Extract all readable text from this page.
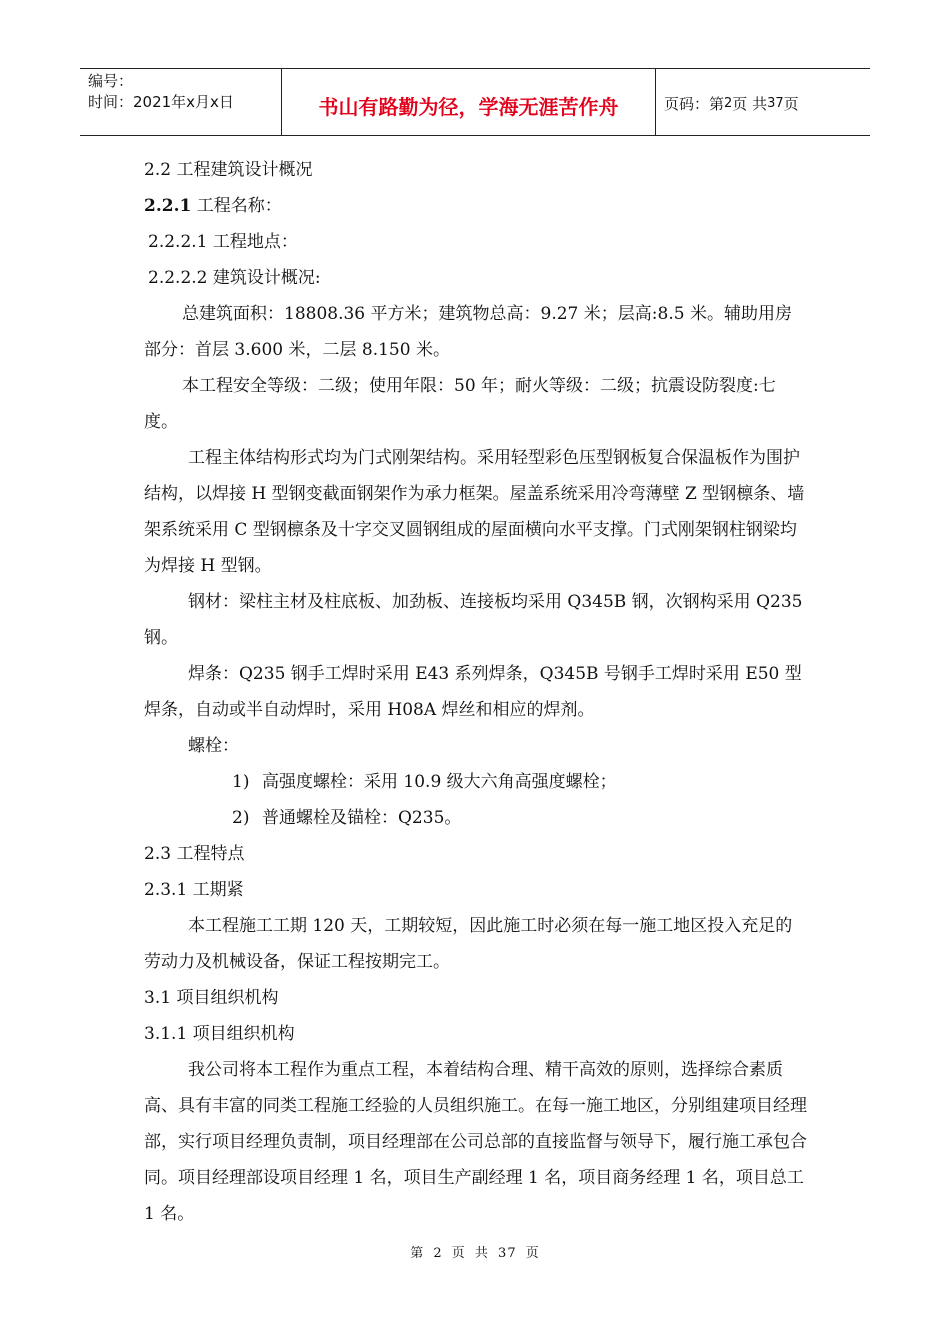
编号：
时间：2021年x月x日	书山有路勤为径，学海无涯苦作舟	页码：第 2 页 共 37 页

2.2 工程建筑设计概况

2.2.1 工程名称：

2.2.2.1 工程地点：

2.2.2.2 建筑设计概况:

总建筑面积：18808.36 平方米；建筑物总高：9.27 米；层高:8.5 米。辅助用房部分：首层 3.600 米，二层 8.150 米。

本工程安全等级：二级；使用年限：50 年；耐火等级：二级；抗震设防裂度:七度。

工程主体结构形式均为门式刚架结构。采用轻型彩色压型钢板复合保温板作为围护结构，以焊接 H 型钢变截面钢架作为承力框架。屋盖系统采用冷弯薄壁 Z 型钢檩条、墙架系统采用 C 型钢檩条及十字交叉圆钢组成的屋面横向水平支撑。门式刚架钢柱钢梁均为焊接 H 型钢。

钢材：梁柱主材及柱底板、加劲板、连接板均采用 Q345B 钢，次钢构采用 Q235 钢。

焊条：Q235 钢手工焊时采用 E43 系列焊条，Q345B 号钢手工焊时采用 E50 型焊条，自动或半自动焊时，采用 H08A 焊丝和相应的焊剂。

螺栓：

1) 高强度螺栓：采用 10.9 级大六角高强度螺栓；

2) 普通螺栓及锚栓：Q235。

2.3 工程特点

2.3.1 工期紧

本工程施工工期 120 天，工期较短，因此施工时必须在每一施工地区投入充足的劳动力及机械设备，保证工程按期完工。

3.1 项目组织机构

3.1.1 项目组织机构

我公司将本工程作为重点工程，本着结构合理、精干高效的原则，选择综合素质高、具有丰富的同类工程施工经验的人员组织施工。在每一施工地区，分别组建项目经理部，实行项目经理负责制，项目经理部在公司总部的直接监督与领导下，履行施工承包合同。项目经理部设项目经理 1 名，项目生产副经理 1 名，项目商务经理 1 名，项目总工 1 名。

第 2 页 共 37 页
